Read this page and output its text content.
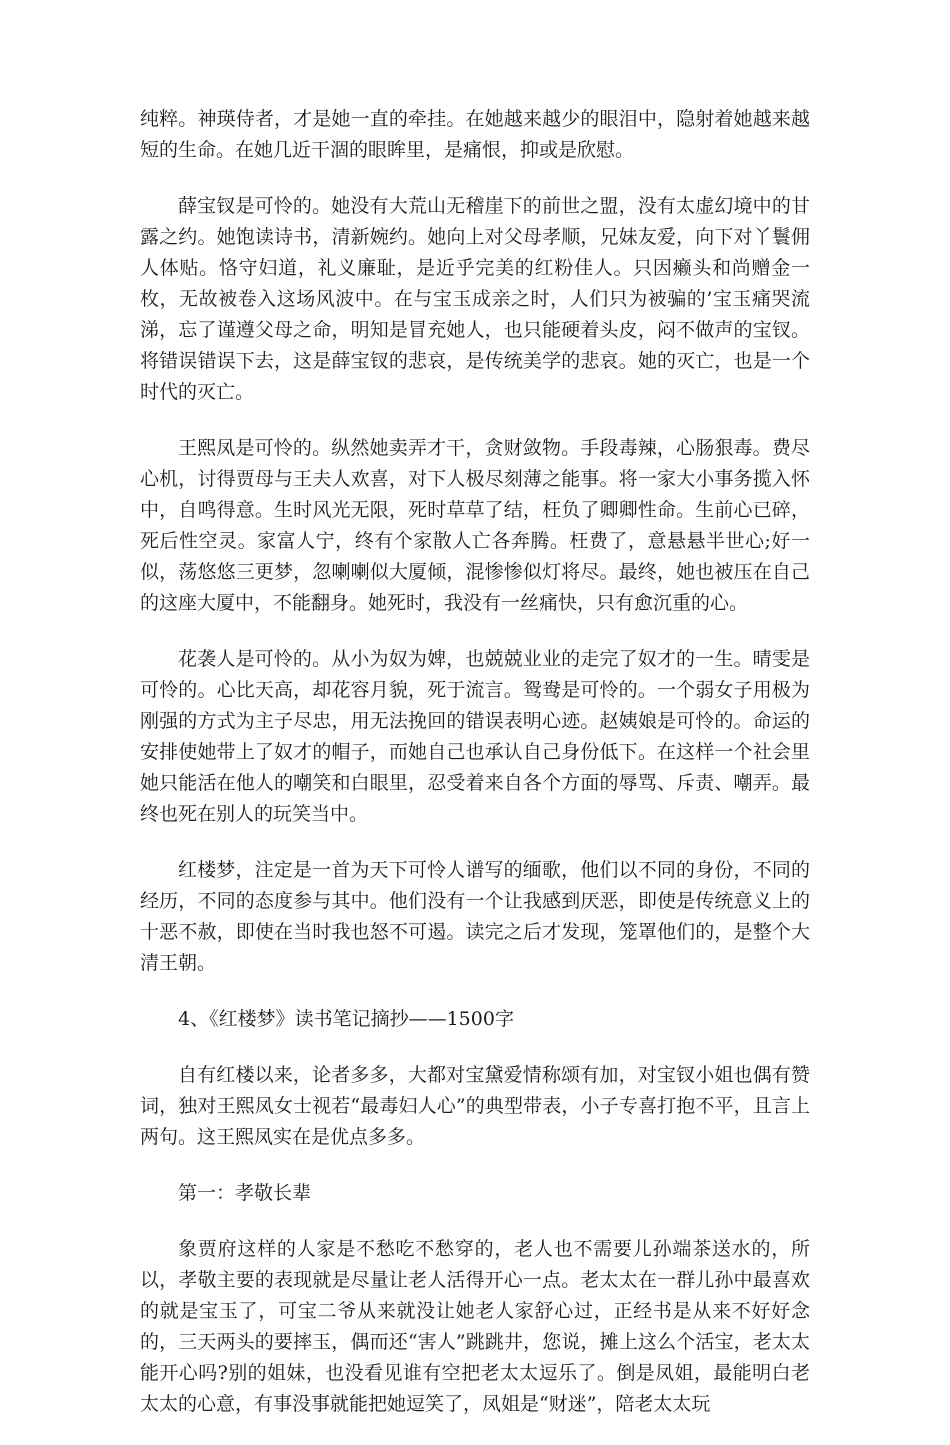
纯粹。神瑛侍者，才是她一直的牵挂。在她越来越少的眼泪中，隐射着她越来越短的生命。在她几近干涸的眼眸里，是痛恨，抑或是欣慰。

薛宝钗是可怜的。她没有大荒山无稽崖下的前世之盟，没有太虚幻境中的甘露之约。她饱读诗书，清新婉约。她向上对父母孝顺，兄妹友爱，向下对丫鬟佣人体贴。恪守妇道，礼义廉耻，是近乎完美的红粉佳人。只因癞头和尚赠金一枚，无故被卷入这场风波中。在与宝玉成亲之时，人们只为被骗的’宝玉痛哭流涕，忘了谨遵父母之命，明知是冒充她人，也只能硬着头皮，闷不做声的宝钗。将错误错误下去，这是薛宝钗的悲哀，是传统美学的悲哀。她的灭亡，也是一个时代的灭亡。

王熙凤是可怜的。纵然她卖弄才干，贪财敛物。手段毒辣，心肠狠毒。费尽心机，讨得贾母与王夫人欢喜，对下人极尽刻薄之能事。将一家大小事务揽入怀中，自鸣得意。生时风光无限，死时草草了结，枉负了卿卿性命。生前心已碎，死后性空灵。家富人宁，终有个家散人亡各奔腾。枉费了，意悬悬半世心;好一似，荡悠悠三更梦，忽喇喇似大厦倾，混惨惨似灯将尽。最终，她也被压在自己的这座大厦中，不能翻身。她死时，我没有一丝痛快，只有愈沉重的心。

花袭人是可怜的。从小为奴为婢，也兢兢业业的走完了奴才的一生。晴雯是可怜的。心比天高，却花容月貌，死于流言。鸳鸯是可怜的。一个弱女子用极为刚强的方式为主子尽忠，用无法挽回的错误表明心迹。赵姨娘是可怜的。命运的安排使她带上了奴才的帽子，而她自己也承认自己身份低下。在这样一个社会里她只能活在他人的嘲笑和白眼里，忍受着来自各个方面的辱骂、斥责、嘲弄。最终也死在别人的玩笑当中。

红楼梦，注定是一首为天下可怜人谱写的缅歌，他们以不同的身份，不同的经历，不同的态度参与其中。他们没有一个让我感到厌恶，即使是传统意义上的十恶不赦，即使在当时我也怒不可遏。读完之后才发现，笼罩他们的，是整个大清王朝。

4、《红楼梦》读书笔记摘抄——1500字

自有红楼以来，论者多多，大都对宝黛爱情称颂有加，对宝钗小姐也偶有赞词，独对王熙凤女士视若“最毒妇人心”的典型带表，小子专喜打抱不平，且言上两句。这王熙凤实在是优点多多。

第一：孝敬长辈

象贾府这样的人家是不愁吃不愁穿的，老人也不需要儿孙端茶送水的，所以，孝敬主要的表现就是尽量让老人活得开心一点。老太太在一群儿孙中最喜欢的就是宝玉了，可宝二爷从来就没让她老人家舒心过，正经书是从来不好好念的，三天两头的要摔玉，偶而还“害人”跳跳井，您说，摊上这么个活宝，老太太能开心吗?别的姐妹，也没看见谁有空把老太太逗乐了。倒是凤姐，最能明白老太太的心意，有事没事就能把她逗笑了，凤姐是“财迷”，陪老太太玩
